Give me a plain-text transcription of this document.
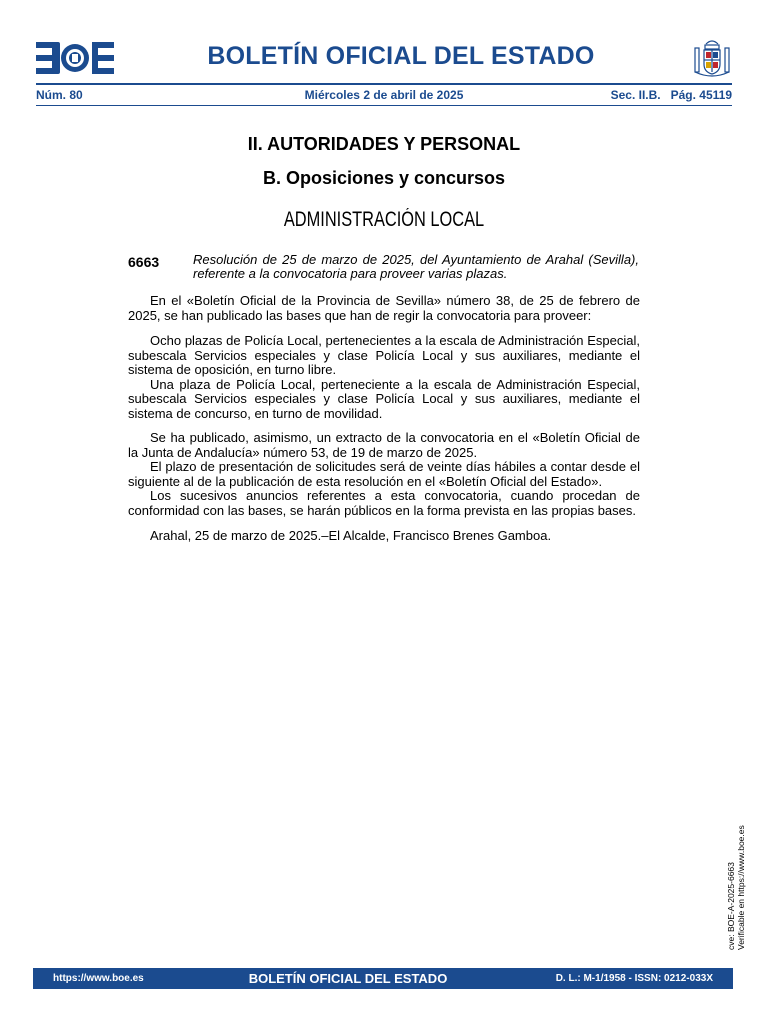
BOLETÍN OFICIAL DEL ESTADO
Núm. 80	Miércoles 2 de abril de 2025	Sec. II.B.   Pág. 45119
II. AUTORIDADES Y PERSONAL
B. Oposiciones y concursos
ADMINISTRACIÓN LOCAL
6663	Resolución de 25 de marzo de 2025, del Ayuntamiento de Arahal (Sevilla), referente a la convocatoria para proveer varias plazas.

En el «Boletín Oficial de la Provincia de Sevilla» número 38, de 25 de febrero de 2025, se han publicado las bases que han de regir la convocatoria para proveer:

Ocho plazas de Policía Local, pertenecientes a la escala de Administración Especial, subescala Servicios especiales y clase Policía Local y sus auxiliares, mediante el sistema de oposición, en turno libre.

Una plaza de Policía Local, perteneciente a la escala de Administración Especial, subescala Servicios especiales y clase Policía Local y sus auxiliares, mediante el sistema de concurso, en turno de movilidad.

Se ha publicado, asimismo, un extracto de la convocatoria en el «Boletín Oficial de la Junta de Andalucía» número 53, de 19 de marzo de 2025.

El plazo de presentación de solicitudes será de veinte días hábiles a contar desde el siguiente al de la publicación de esta resolución en el «Boletín Oficial del Estado».

Los sucesivos anuncios referentes a esta convocatoria, cuando procedan de conformidad con las bases, se harán públicos en la forma prevista en las propias bases.

Arahal, 25 de marzo de 2025.–El Alcalde, Francisco Brenes Gamboa.

cve: BOE-A-2025-6663 Verificable en https://www.boe.es
https://www.boe.es	BOLETÍN OFICIAL DEL ESTADO	D. L.: M-1/1958 - ISSN: 0212-033X
